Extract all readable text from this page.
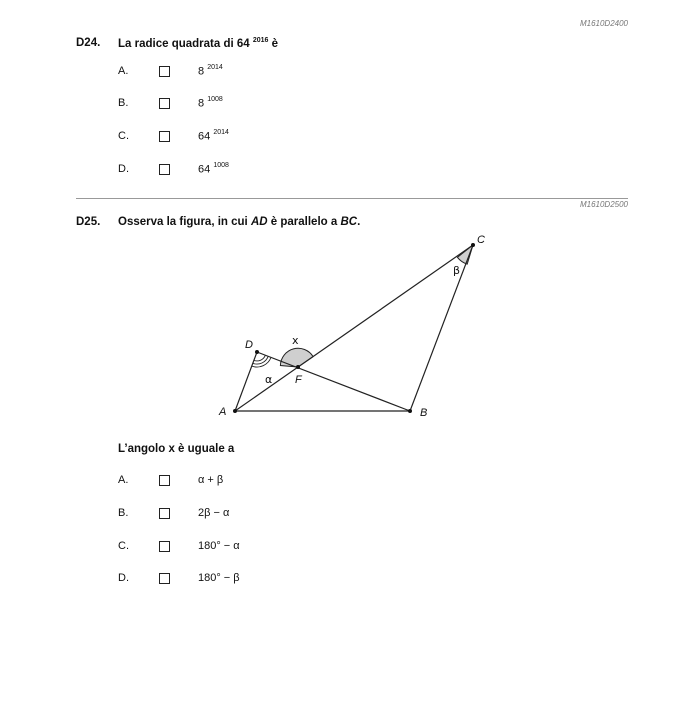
M1610D2400
D24. La radice quadrata di 64 $^{2016}$ è
A.	8 $^{2014}$
B.	8 $^{1008}$
C.	64 $^{2014}$
D.	64 $^{1008}$
M1610D2500
D25. Osserva la figura, in cui AD è parallelo a BC.
C
D
F
A	B
x
α
β
L’angolo x è uguale a
A.	α + β
B.	2β − α
C.	180° − α
D.	180° − β
